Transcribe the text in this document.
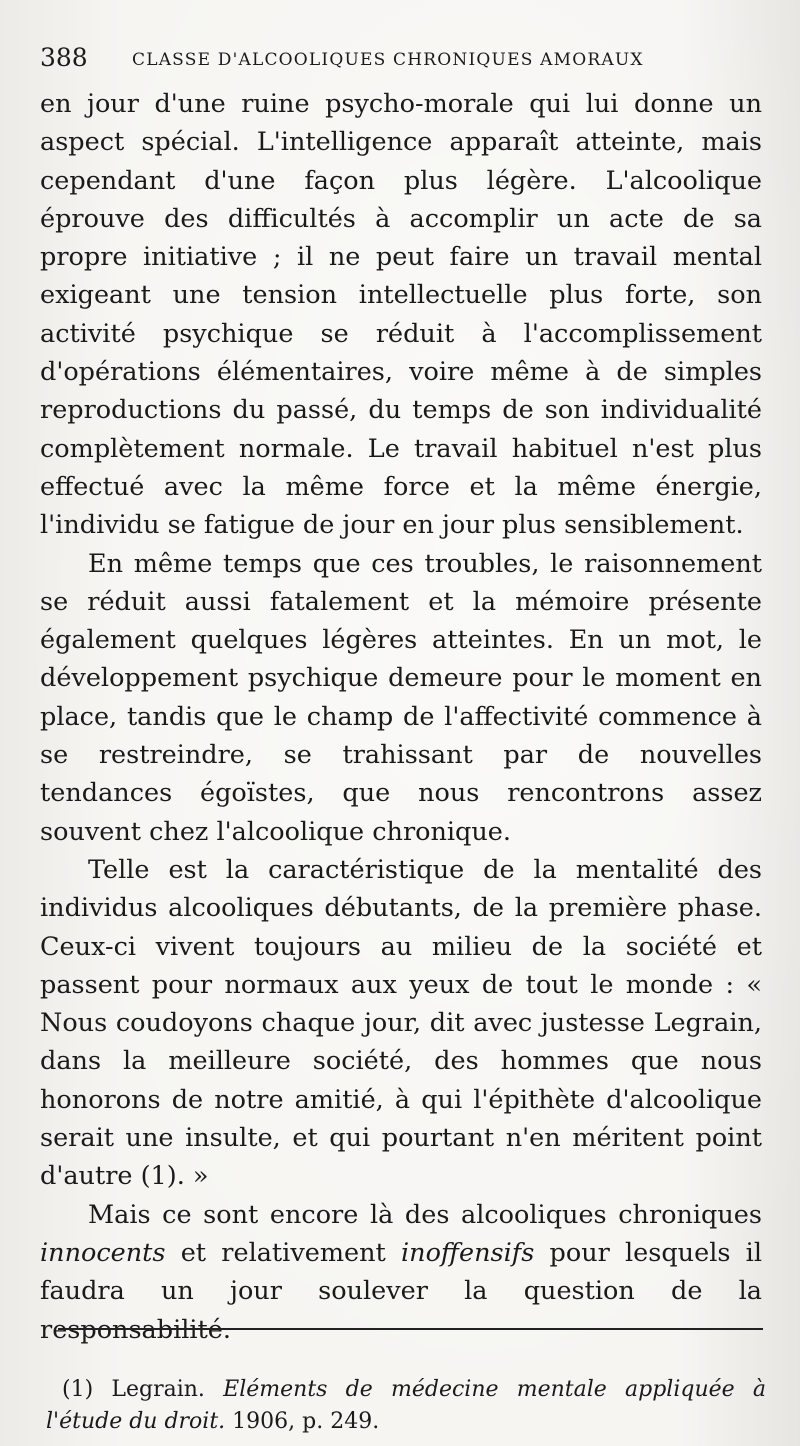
388	CLASSE D'ALCOOLIQUES CHRONIQUES AMORAUX

en jour d'une ruine psycho-morale qui lui donne un aspect spécial. L'intelligence apparaît atteinte, mais cependant d'une façon plus légère. L'alcoolique éprouve des difficultés à accomplir un acte de sa propre initiative ; il ne peut faire un travail mental exigeant une tension intellectuelle plus forte, son activité psychique se réduit à l'accomplissement d'opérations élémentaires, voire même à de simples reproductions du passé, du temps de son individualité complètement normale. Le travail habituel n'est plus effectué avec la même force et la même énergie, l'individu se fatigue de jour en jour plus sensiblement.

En même temps que ces troubles, le raisonnement se réduit aussi fatalement et la mémoire présente également quelques légères atteintes. En un mot, le développement psychique demeure pour le moment en place, tandis que le champ de l'affectivité commence à se restreindre, se trahissant par de nouvelles tendances égoïstes, que nous rencontrons assez souvent chez l'alcoolique chronique.

Telle est la caractéristique de la mentalité des individus alcooliques débutants, de la première phase. Ceux-ci vivent toujours au milieu de la société et passent pour normaux aux yeux de tout le monde : « Nous coudoyons chaque jour, dit avec justesse Legrain, dans la meilleure société, des hommes que nous honorons de notre amitié, à qui l'épithète d'alcoolique serait une insulte, et qui pourtant n'en méritent point d'autre (1). »

Mais ce sont encore là des alcooliques chroniques innocents et relativement inoffensifs pour lesquels il faudra un jour soulever la question de la responsabilité.

(1) Legrain. Eléments de médecine mentale appliquée à l'étude du droit. 1906, p. 249.
